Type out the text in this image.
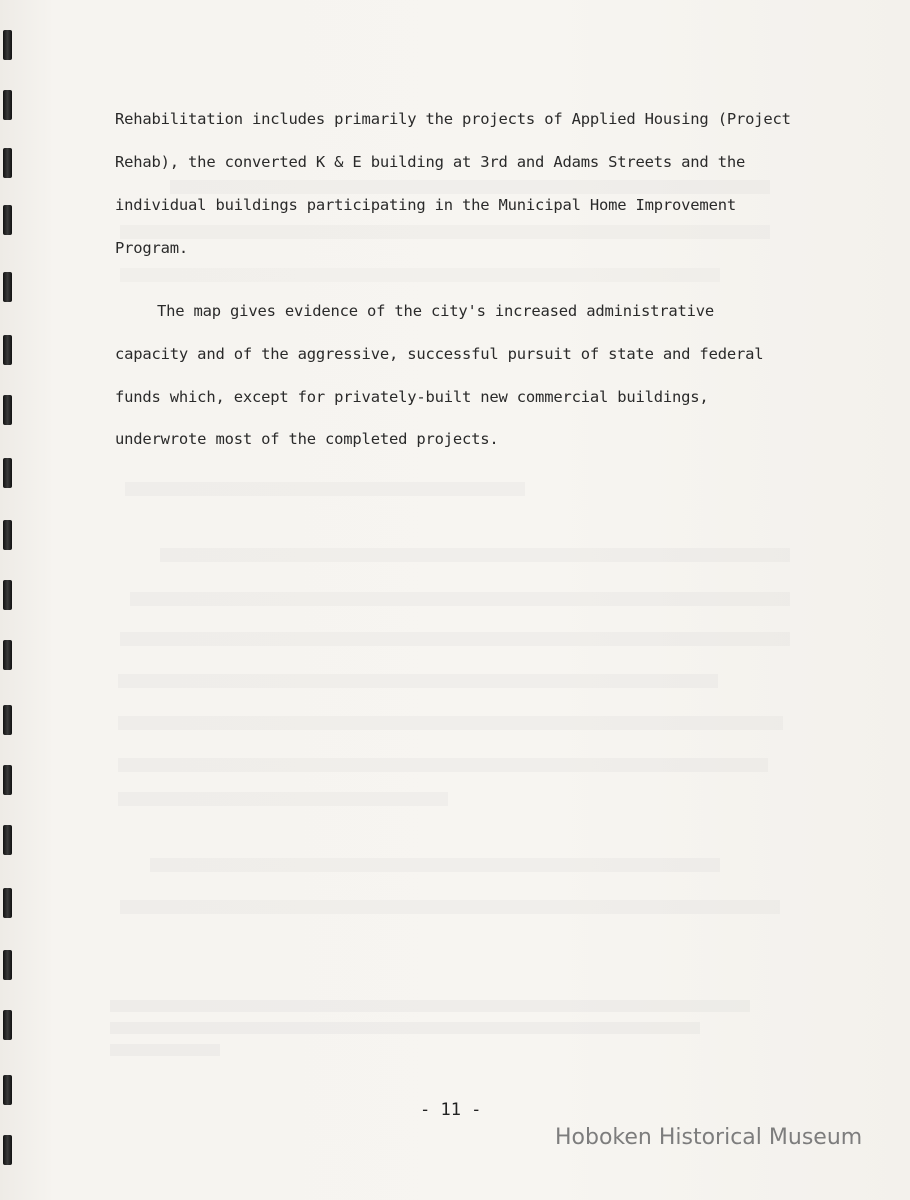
Rehabilitation includes primarily the projects of Applied Housing (Project
Rehab), the converted K & E building at 3rd and Adams Streets and the
individual buildings participating in the Municipal Home Improvement
Program.
The map gives evidence of the city's increased administrative
capacity and of the aggressive, successful pursuit of state and federal
funds which, except for privately-built new commercial buildings,
underwrote most of the completed projects.
- 11 -
Hoboken Historical Museum
